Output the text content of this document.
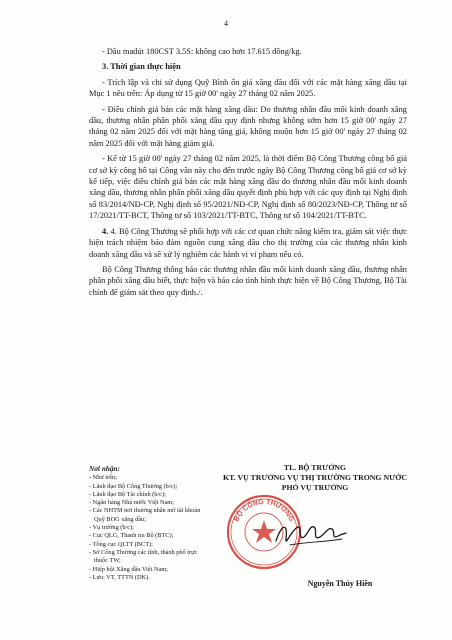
4

- Dầu madút 180CST 3.5S: không cao hơn 17.615 đồng/kg.

3. Thời gian thực hiện

- Trích lập và chi sử dụng Quỹ Bình ổn giá xăng dầu đối với các mặt hàng xăng dầu tại Mục 1 nêu trên: Áp dụng từ 15 giờ 00' ngày 27 tháng 02 năm 2025.

- Điều chỉnh giá bán các mặt hàng xăng dầu: Do thương nhân đầu mối kinh doanh xăng dầu, thương nhân phân phối xăng dầu quy định nhưng không sớm hơn 15 giờ 00' ngày 27 tháng 02 năm 2025 đối với mặt hàng tăng giá, không muộn hơn 15 giờ 00' ngày 27 tháng 02 năm 2025 đối với mặt hàng giảm giá.

- Kể từ 15 giờ 00' ngày 27 tháng 02 năm 2025, là thời điểm Bộ Công Thương công bố giá cơ sở kỳ công bố tại Công văn này cho đến trước ngày Bộ Công Thương công bố giá cơ sở kỳ kế tiếp, việc điều chỉnh giá bán các mặt hàng xăng dầu do thương nhân đầu mối kinh doanh xăng dầu, thương nhân phân phối xăng dầu quyết định phù hợp với các quy định tại Nghị định số 83/2014/NĐ-CP, Nghị định số 95/2021/NĐ-CP, Nghị định số 80/2023/NĐ-CP, Thông tư số 17/2021/TT-BCT, Thông tư số 103/2021/TT-BTC, Thông tư số 104/2021/TT-BTC.

4. 4. Bộ Công Thương sẽ phối hợp với các cơ quan chức năng kiểm tra, giám sát việc thực hiện trách nhiệm bảo đảm nguồn cung xăng dầu cho thị trường của các thương nhân kinh doanh xăng dầu và sẽ xử lý nghiêm các hành vi vi phạm nếu có.

Bộ Công Thương thông báo các thương nhân đầu mối kinh doanh xăng dầu, thương nhân phân phối xăng dầu biết, thực hiện và báo cáo tình hình thực hiện về Bộ Công Thương, Bộ Tài chính để giám sát theo quy định./.

Nơi nhận:
- Như trên;
- Lãnh đạo Bộ Công Thương (b/c);
- Lãnh đạo Bộ Tài chính (b/c);
- Ngân hàng Nhà nước Việt Nam;
- Các NHTM nơi thương nhân mở tài khoản Quỹ BOG xăng dầu;
- Vụ trưởng (b/c);
- Cục QLG, Thanh tra Bộ (BTC);
- Tổng cục QLTT (BCT);
- Sở Công Thương các tỉnh, thành phố trực thuộc TW;
- Hiệp hội Xăng dầu Việt Nam;
- Lưu: VT, TTTN (DK).
TL. BỘ TRƯỞNG
KT. VỤ TRƯỞNG VỤ THỊ TRƯỜNG TRONG NƯỚC
PHÓ VỤ TRƯỞNG
BỘ CÔNG THƯƠNG
Nguyễn Thúy Hiền
